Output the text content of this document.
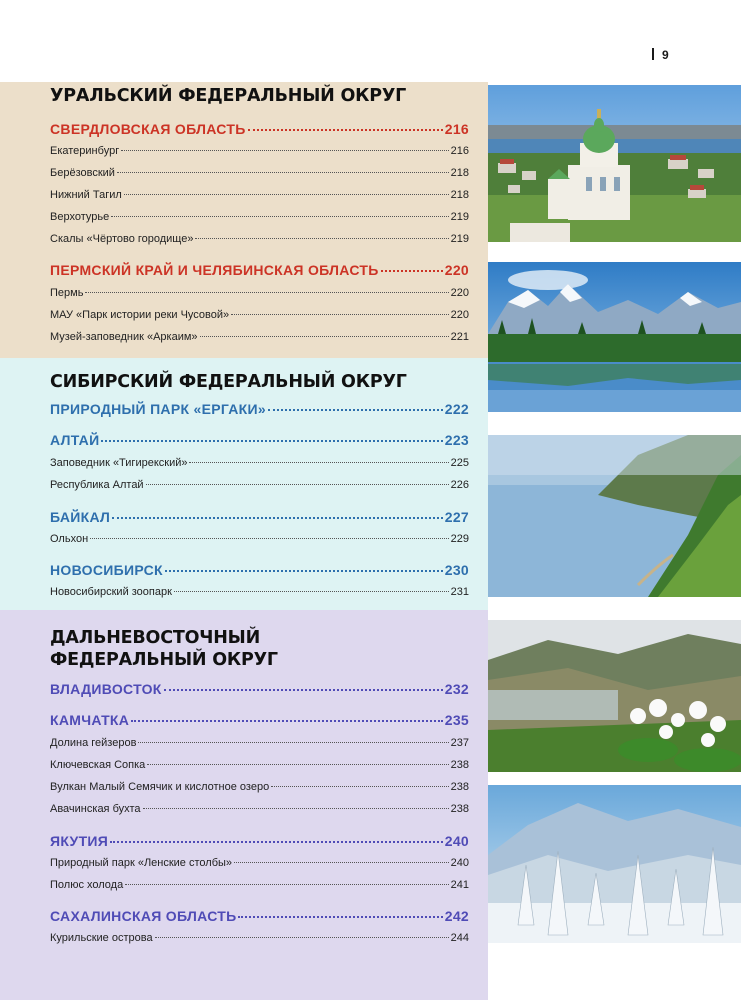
9
УРАЛЬСКИЙ ФЕДЕРАЛЬНЫЙ ОКРУГ
СВЕРДЛОВСКАЯ ОБЛАСТЬ	216
Екатеринбург	216
Берёзовский	218
Нижний Тагил	218
Верхотурье	219
Скалы «Чёртово городище»	219
ПЕРМСКИЙ КРАЙ И ЧЕЛЯБИНСКАЯ ОБЛАСТЬ	220
Пермь	220
МАУ «Парк истории реки Чусовой»	220
Музей-заповедник «Аркаим»	221
СИБИРСКИЙ ФЕДЕРАЛЬНЫЙ ОКРУГ
ПРИРОДНЫЙ ПАРК «ЕРГАКИ»	222
АЛТАЙ	223
Заповедник «Тигирекский»	225
Республика Алтай	226
БАЙКАЛ	227
Ольхон	229
НОВОСИБИРСК	230
Новосибирский зоопарк	231
ДАЛЬНЕВОСТОЧНЫЙ
ФЕДЕРАЛЬНЫЙ ОКРУГ
ВЛАДИВОСТОК	232
КАМЧАТКА	235
Долина гейзеров	237
Ключевская Сопка	238
Вулкан Малый Семячик и кислотное озеро	238
Авачинская бухта	238
ЯКУТИЯ	240
Природный парк «Ленские столбы»	240
Полюс холода	241
САХАЛИНСКАЯ ОБЛАСТЬ	242
Курильские острова	244
